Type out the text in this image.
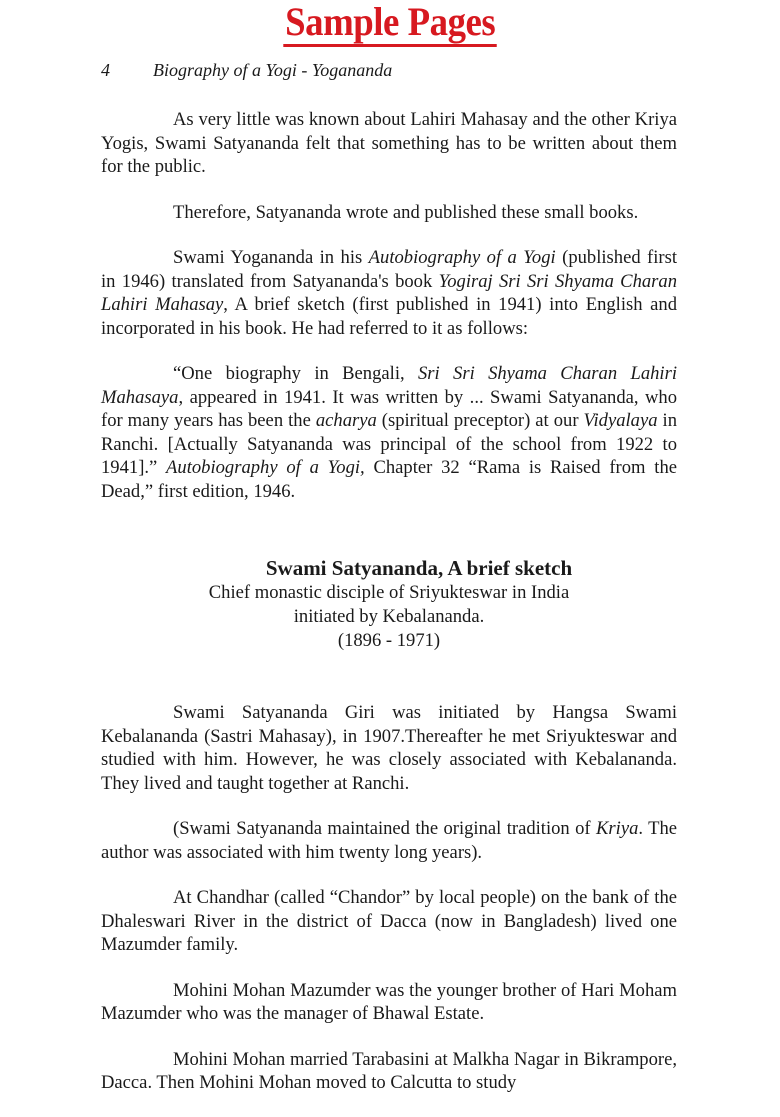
Sample Pages
4 Biography of a Yogi - Yogananda

As very little was known about Lahiri Mahasay and the other Kriya Yogis, Swami Satyananda felt that something has to be written about them for the public.

Therefore, Satyananda wrote and published these small books.

Swami Yogananda in his Autobiography of a Yogi (published first in 1946) translated from Satyananda's book Yogiraj Sri Sri Shyama Charan Lahiri Mahasay, A brief sketch (first published in 1941) into English and incorporated in his book. He had referred to it as follows:

“One biography in Bengali, Sri Sri Shyama Charan Lahiri Mahasaya, appeared in 1941. It was written by ... Swami Satyananda, who for many years has been the acharya (spiritual preceptor) at our Vidyalaya in Ranchi. [Actually Satyananda was principal of the school from 1922 to 1941].” Autobiography of a Yogi, Chapter 32 “Rama is Raised from the Dead,” first edition, 1946.

Swami Satyananda, A brief sketch
Chief monastic disciple of Sriyukteswar in India
initiated by Kebalananda.
(1896 - 1971)

Swami Satyananda Giri was initiated by Hangsa Swami Kebalananda (Sastri Mahasay), in 1907.Thereafter he met Sriyukteswar and studied with him. However, he was closely associated with Kebalananda. They lived and taught together at Ranchi.

(Swami Satyananda maintained the original tradition of Kriya. The author was associated with him twenty long years).

At Chandhar (called “Chandor” by local people) on the bank of the Dhaleswari River in the district of Dacca (now in Bangladesh) lived one Mazumder family.

Mohini Mohan Mazumder was the younger brother of Hari Moham Mazumder who was the manager of Bhawal Estate.

Mohini Mohan married Tarabasini at Malkha Nagar in Bikrampore, Dacca. Then Mohini Mohan moved to Calcutta to study
